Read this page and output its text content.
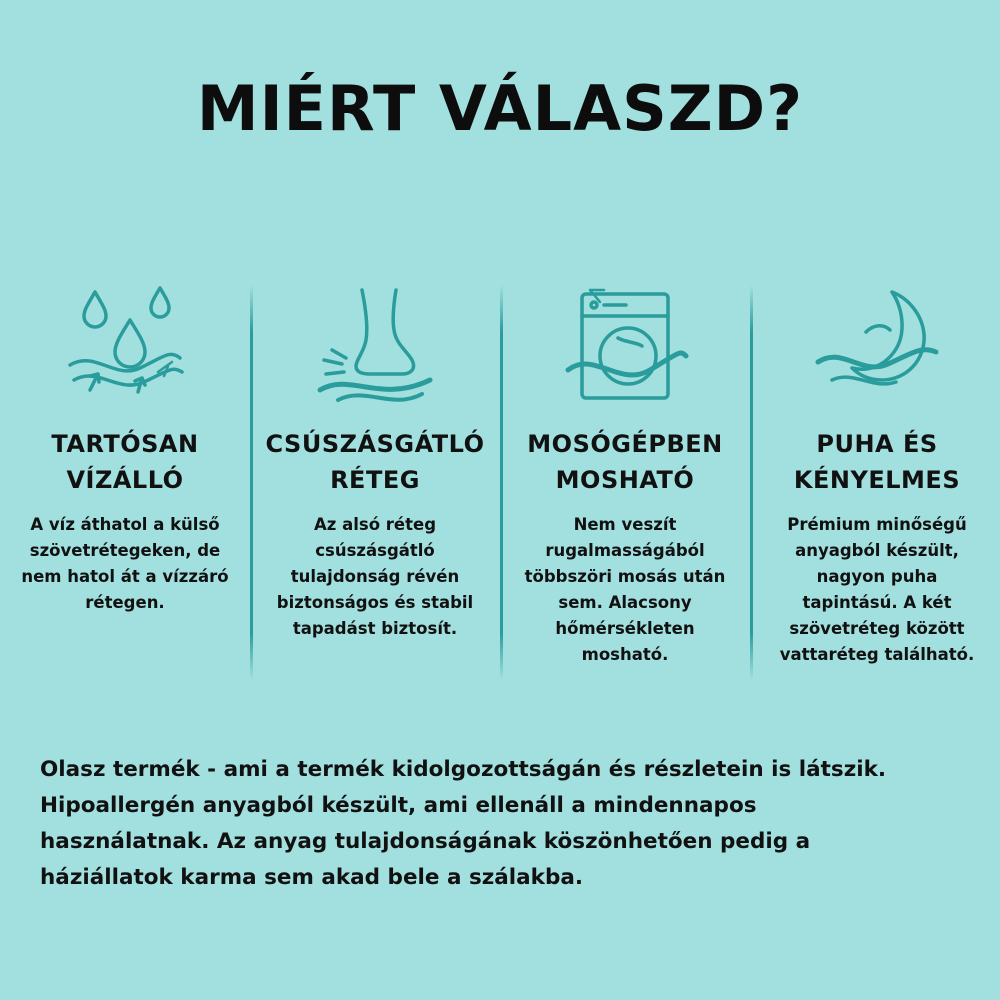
MIÉRT VÁLASZD?
TARTÓSAN
VÍZÁLLÓ
A víz áthatol a külső szövetrétegeken, de nem hatol át a vízzáró rétegen.
CSÚSZÁSGÁTLÓ
RÉTEG
Az alsó réteg csúszásgátló tulajdonság révén biztonságos és stabil tapadást biztosít.
MOSÓGÉPBEN
MOSHATÓ
Nem veszít rugalmasságából többszöri mosás után sem. Alacsony hőmérsékleten mosható.
PUHA ÉS
KÉNYELMES
Prémium minőségű anyagból készült, nagyon puha tapintású. A két szövetréteg között vattaréteg található.
Olasz termék - ami a termék kidolgozottságán és részletein is látszik.
Hipoallergén anyagból készült, ami ellenáll a mindennapos
használatnak. Az anyag tulajdonságának köszönhetően pedig a
háziállatok karma sem akad bele a szálakba.
